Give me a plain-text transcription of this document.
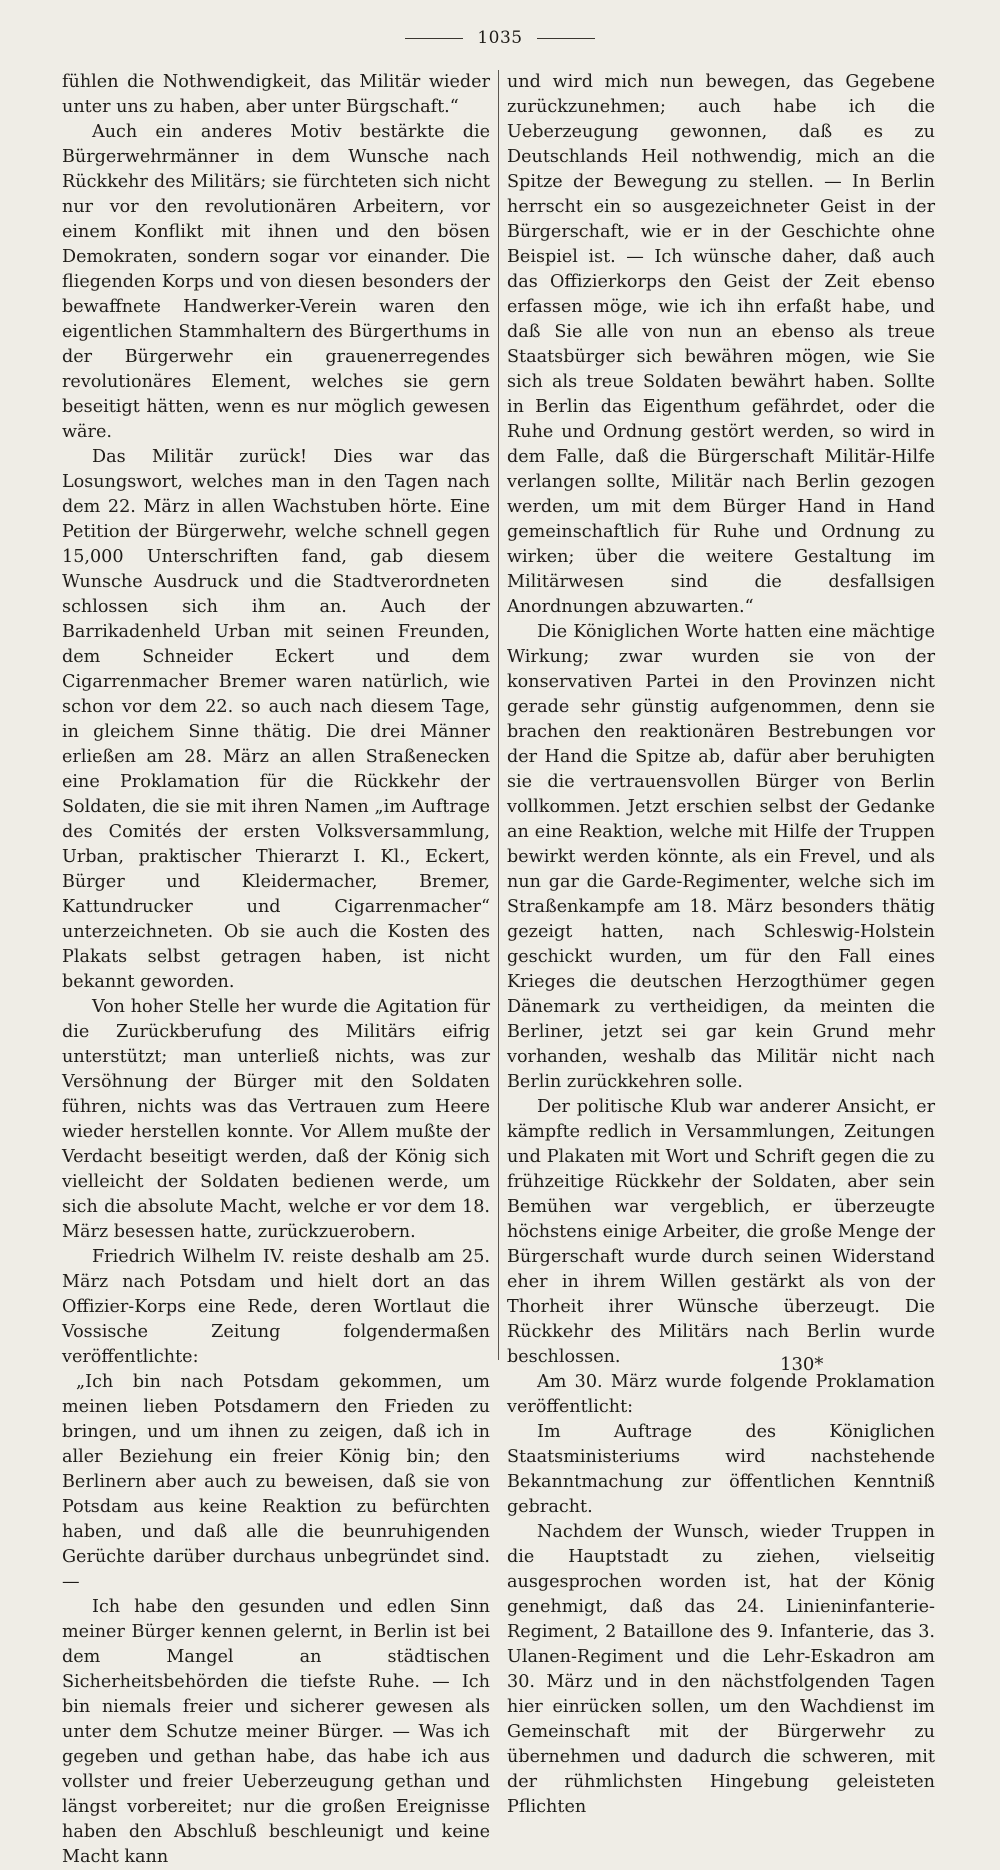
1035

fühlen die Nothwendigkeit, das Militär wieder unter uns zu haben, aber unter Bürgschaft.“

Auch ein anderes Motiv bestärkte die Bürgerwehrmänner in dem Wunsche nach Rückkehr des Militärs; sie fürchteten sich nicht nur vor den revolutionären Arbeitern, vor einem Konflikt mit ihnen und den bösen Demokraten, sondern sogar vor einander. Die fliegenden Korps und von diesen besonders der bewaffnete Handwerker-Verein waren den eigentlichen Stammhaltern des Bürgerthums in der Bürgerwehr ein grauenerregendes revolutionäres Element, welches sie gern beseitigt hätten, wenn es nur möglich gewesen wäre.

Das Militär zurück! Dies war das Losungswort, welches man in den Tagen nach dem 22. März in allen Wachstuben hörte. Eine Petition der Bürgerwehr, welche schnell gegen 15,000 Unterschriften fand, gab diesem Wunsche Ausdruck und die Stadtverordneten schlossen sich ihm an. Auch der Barrikadenheld Urban mit seinen Freunden, dem Schneider Eckert und dem Cigarrenmacher Bremer waren natürlich, wie schon vor dem 22. so auch nach diesem Tage, in gleichem Sinne thätig. Die drei Männer erließen am 28. März an allen Straßenecken eine Proklamation für die Rückkehr der Soldaten, die sie mit ihren Namen „im Auftrage des Comités der ersten Volksversammlung, Urban, praktischer Thierarzt I. Kl., Eckert, Bürger und Kleidermacher, Bremer, Kattundrucker und Cigarrenmacher“ unterzeichneten. Ob sie auch die Kosten des Plakats selbst getragen haben, ist nicht bekannt geworden.

Von hoher Stelle her wurde die Agitation für die Zurückberufung des Militärs eifrig unterstützt; man unterließ nichts, was zur Versöhnung der Bürger mit den Soldaten führen, nichts was das Vertrauen zum Heere wieder herstellen konnte. Vor Allem mußte der Verdacht beseitigt werden, daß der König sich vielleicht der Soldaten bedienen werde, um sich die absolute Macht, welche er vor dem 18. März besessen hatte, zurückzuerobern.

Friedrich Wilhelm IV. reiste deshalb am 25. März nach Potsdam und hielt dort an das Offizier-Korps eine Rede, deren Wortlaut die Vossische Zeitung folgendermaßen veröffentlichte:

„Ich bin nach Potsdam gekommen, um meinen lieben Potsdamern den Frieden zu bringen, und um ihnen zu zeigen, daß ich in aller Beziehung ein freier König bin; den Berlinern aber auch zu beweisen, daß sie von Potsdam aus keine Reaktion zu befürchten haben, und daß alle die beunruhigenden Gerüchte darüber durchaus unbegründet sind. —

Ich habe den gesunden und edlen Sinn meiner Bürger kennen gelernt, in Berlin ist bei dem Mangel an städtischen Sicherheitsbehörden die tiefste Ruhe. — Ich bin niemals freier und sicherer gewesen als unter dem Schutze meiner Bürger. — Was ich gegeben und gethan habe, das habe ich aus vollster und freier Ueberzeugung gethan und längst vorbereitet; nur die großen Ereignisse haben den Abschluß beschleunigt und keine Macht kann

und wird mich nun bewegen, das Gegebene zurückzunehmen; auch habe ich die Ueberzeugung gewonnen, daß es zu Deutschlands Heil nothwendig, mich an die Spitze der Bewegung zu stellen. — In Berlin herrscht ein so ausgezeichneter Geist in der Bürgerschaft, wie er in der Geschichte ohne Beispiel ist. — Ich wünsche daher, daß auch das Offizierkorps den Geist der Zeit ebenso erfassen möge, wie ich ihn erfaßt habe, und daß Sie alle von nun an ebenso als treue Staatsbürger sich bewähren mögen, wie Sie sich als treue Soldaten bewährt haben. Sollte in Berlin das Eigenthum gefährdet, oder die Ruhe und Ordnung gestört werden, so wird in dem Falle, daß die Bürgerschaft Militär-Hilfe verlangen sollte, Militär nach Berlin gezogen werden, um mit dem Bürger Hand in Hand gemeinschaftlich für Ruhe und Ordnung zu wirken; über die weitere Gestaltung im Militärwesen sind die desfallsigen Anordnungen abzuwarten.“

Die Königlichen Worte hatten eine mächtige Wirkung; zwar wurden sie von der konservativen Partei in den Provinzen nicht gerade sehr günstig aufgenommen, denn sie brachen den reaktionären Bestrebungen vor der Hand die Spitze ab, dafür aber beruhigten sie die vertrauensvollen Bürger von Berlin vollkommen. Jetzt erschien selbst der Gedanke an eine Reaktion, welche mit Hilfe der Truppen bewirkt werden könnte, als ein Frevel, und als nun gar die Garde-Regimenter, welche sich im Straßenkampfe am 18. März besonders thätig gezeigt hatten, nach Schleswig-Holstein geschickt wurden, um für den Fall eines Krieges die deutschen Herzogthümer gegen Dänemark zu vertheidigen, da meinten die Berliner, jetzt sei gar kein Grund mehr vorhanden, weshalb das Militär nicht nach Berlin zurückkehren solle.

Der politische Klub war anderer Ansicht, er kämpfte redlich in Versammlungen, Zeitungen und Plakaten mit Wort und Schrift gegen die zu frühzeitige Rückkehr der Soldaten, aber sein Bemühen war vergeblich, er überzeugte höchstens einige Arbeiter, die große Menge der Bürgerschaft wurde durch seinen Widerstand eher in ihrem Willen gestärkt als von der Thorheit ihrer Wünsche überzeugt. Die Rückkehr des Militärs nach Berlin wurde beschlossen.

Am 30. März wurde folgende Proklamation veröffentlicht:

Im Auftrage des Königlichen Staatsministeriums wird nachstehende Bekanntmachung zur öffentlichen Kenntniß gebracht.

Nachdem der Wunsch, wieder Truppen in die Hauptstadt zu ziehen, vielseitig ausgesprochen worden ist, hat der König genehmigt, daß das 24. Linieninfanterie-Regiment, 2 Bataillone des 9. Infanterie, das 3. Ulanen-Regiment und die Lehr-Eskadron am 30. März und in den nächstfolgenden Tagen hier einrücken sollen, um den Wachdienst im Gemeinschaft mit der Bürgerwehr zu übernehmen und dadurch die schweren, mit der rühmlichsten Hingebung geleisteten Pflichten

130*
